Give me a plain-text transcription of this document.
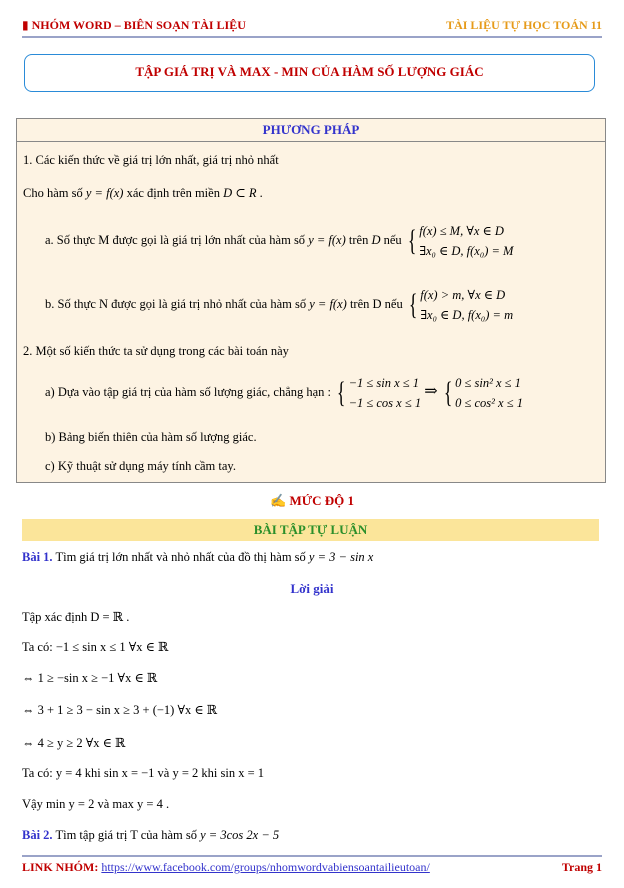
▮ NHÓM WORD – BIÊN SOẠN TÀI LIỆU	TÀI LIỆU TỰ HỌC TOÁN 11
TẬP GIÁ TRỊ VÀ MAX - MIN CỦA HÀM SỐ LƯỢNG GIÁC
PHƯƠNG PHÁP
1. Các kiến thức về giá trị lớn nhất, giá trị nhỏ nhất
Cho hàm số y = f(x) xác định trên miền D ⊂ R .
a. Số thực M được gọi là giá trị lớn nhất của hàm số y = f(x) trên D nếu { f(x) ≤ M, ∀x ∈ D
∃x₀ ∈ D, f(x₀) = M
b. Số thực N được gọi là giá trị nhỏ nhất của hàm số y = f(x) trên D nếu { f(x) > m, ∀x ∈ D
∃x₀ ∈ D, f(x₀) = m
2. Một số kiến thức ta sử dụng trong các bài toán này
a) Dựa vào tập giá trị của hàm số lượng giác, chẳng hạn : { −1 ≤ sin x ≤ 1
−1 ≤ cos x ≤ 1 ⇒ { 0 ≤ sin² x ≤ 1
0 ≤ cos² x ≤ 1
b) Bảng biến thiên của hàm số lượng giác.
c) Kỹ thuật sử dụng máy tính cầm tay.
✍ MỨC ĐỘ 1
BÀI TẬP TỰ LUẬN
Bài 1. Tìm giá trị lớn nhất và nhỏ nhất của đồ thị hàm số y = 3 − sin x
Lời giải
Tập xác định D = ℝ .
Ta có: −1 ≤ sin x ≤ 1 ∀x ∈ ℝ
⇔ 1 ≥ −sin x ≥ −1 ∀x ∈ ℝ
⇔ 3 + 1 ≥ 3 − sin x ≥ 3 + (−1) ∀x ∈ ℝ
⇔ 4 ≥ y ≥ 2 ∀x ∈ ℝ
Ta có: y = 4 khi sin x = −1 và y = 2 khi sin x = 1
Vậy min y = 2 và max y = 4 .
Bài 2. Tìm tập giá trị T của hàm số y = 3cos 2x − 5
LINK NHÓM: https://www.facebook.com/groups/nhomwordvabiensoantailieutoan/	Trang 1
